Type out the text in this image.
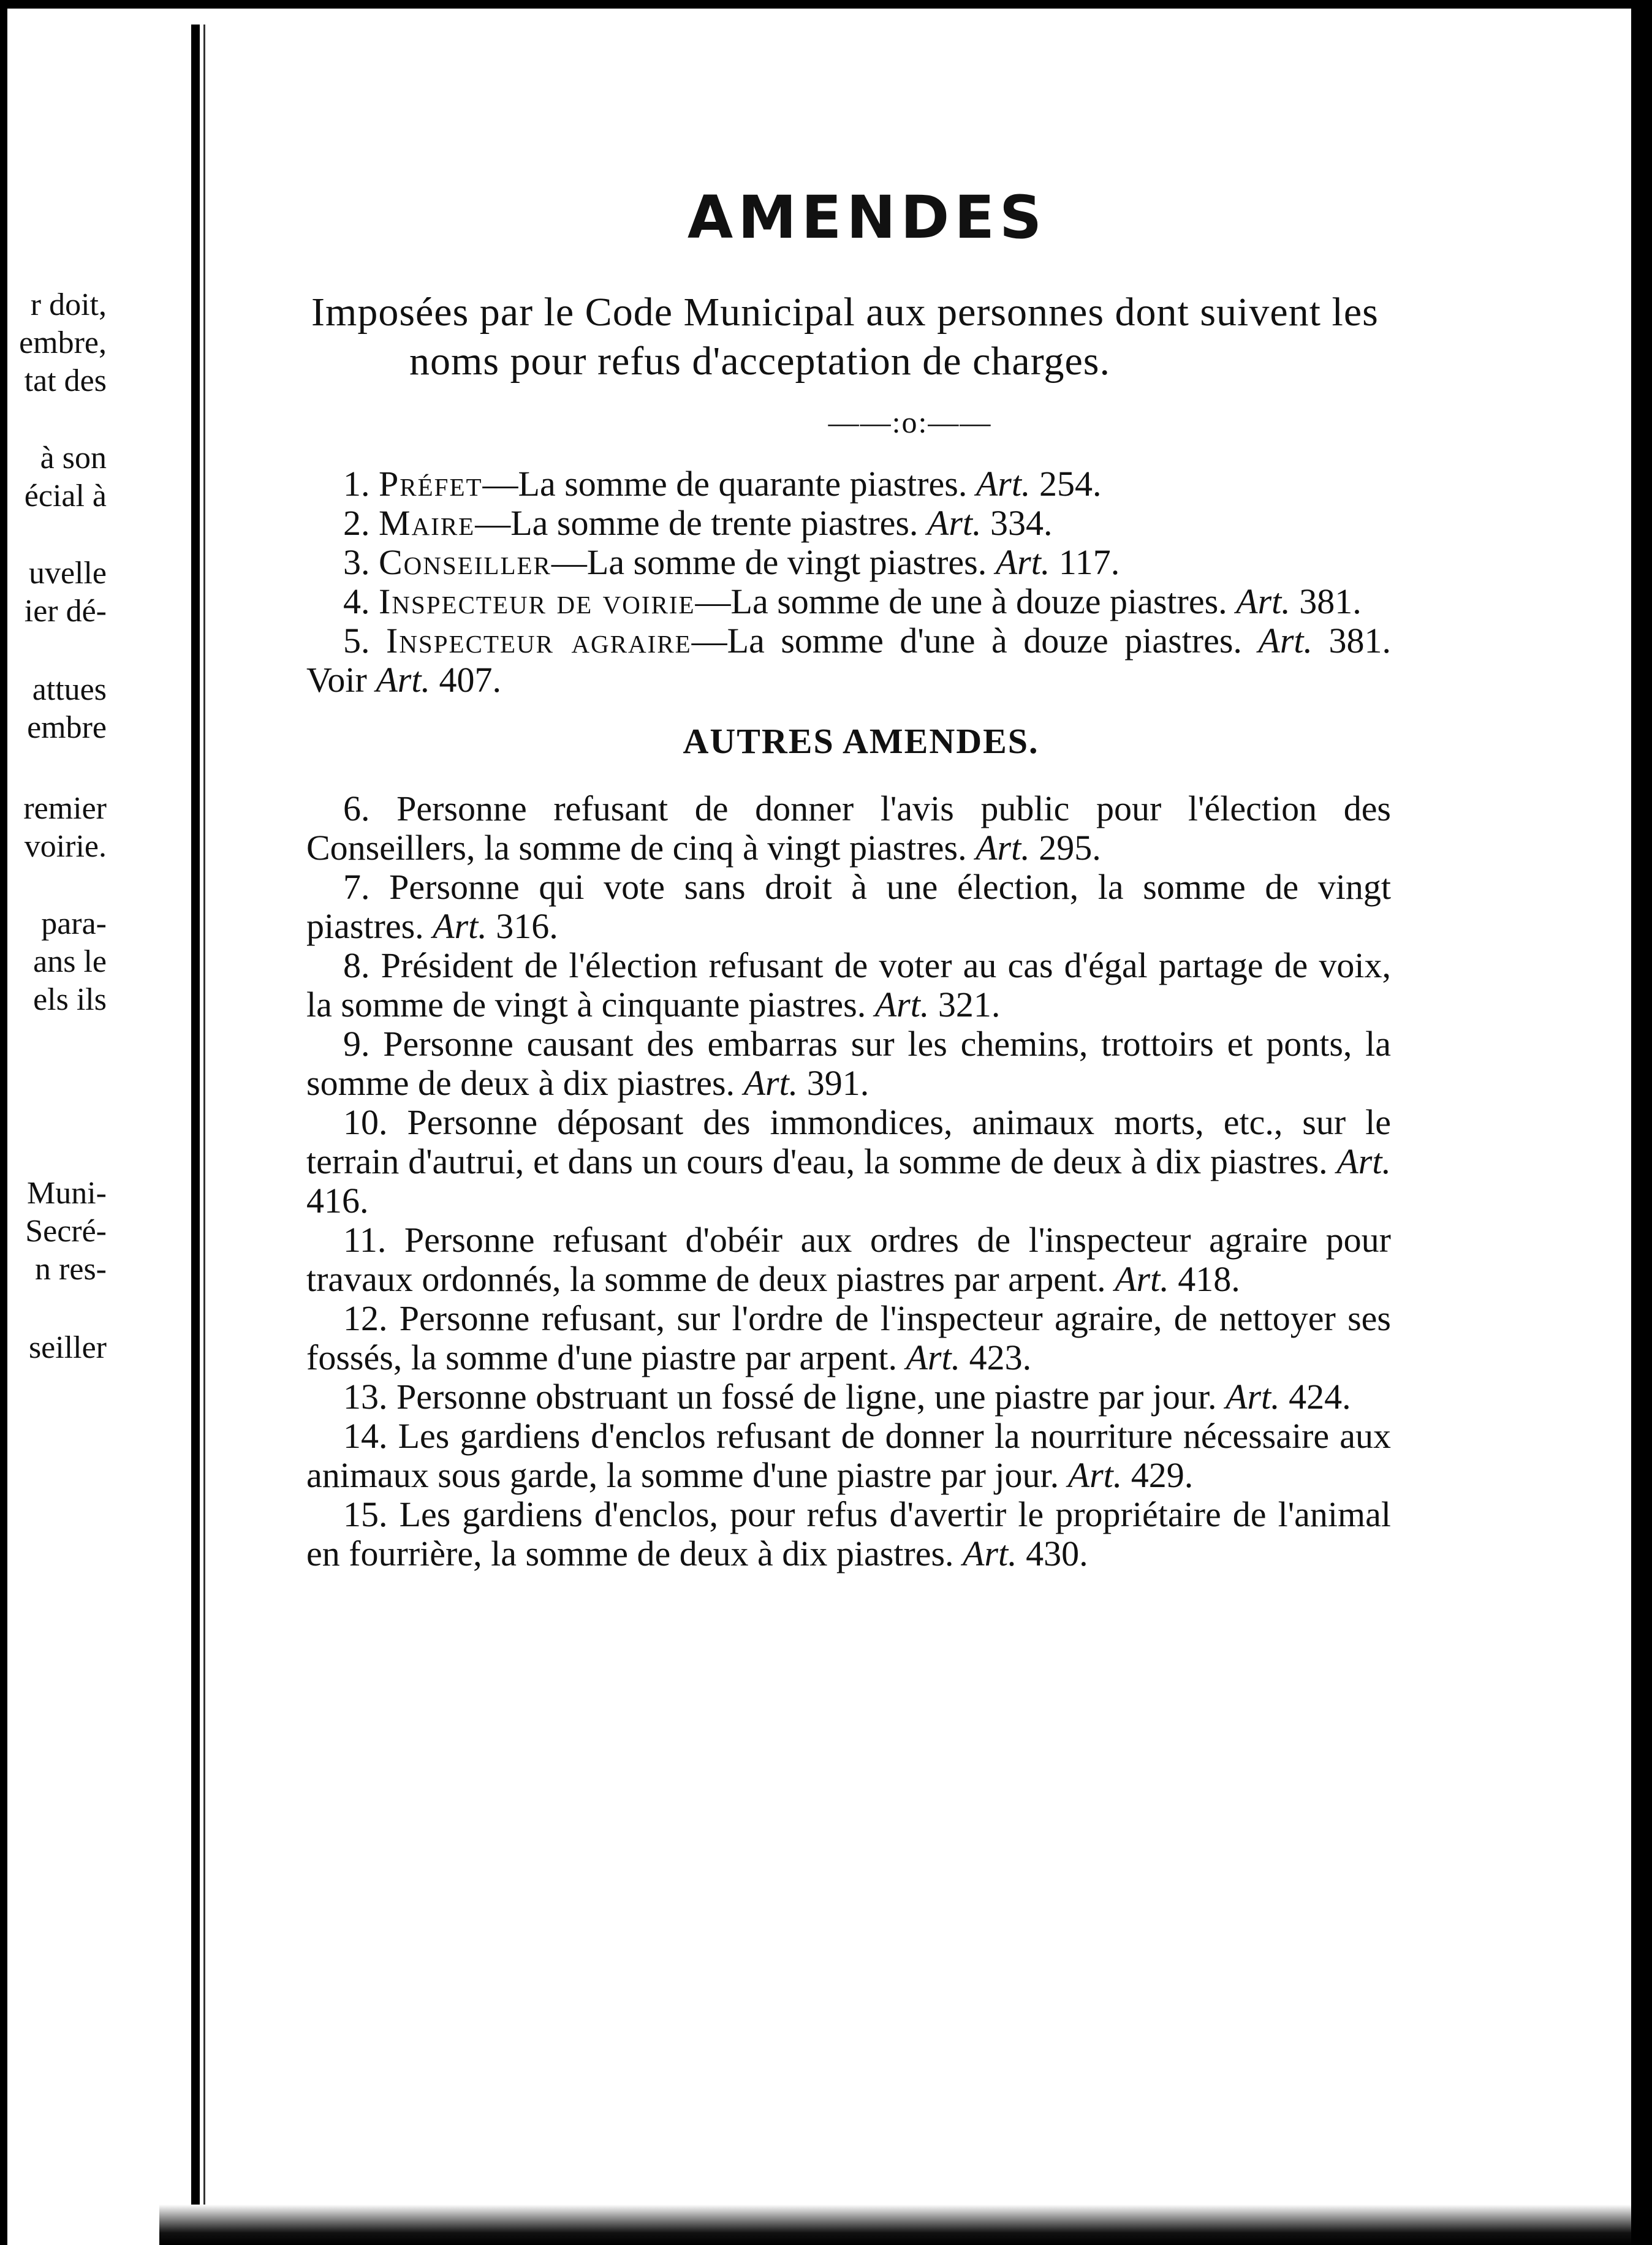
r doit,
embre,
tat des
à son
écial à
uvelle
ier dé-
attues
embre
remier
voirie.
para-
ans le
els ils
Muni-
Secré-
n res-
seiller
AMENDES

Imposées par le Code Municipal aux personnes dont suivent les noms pour refus d'acceptation de charges.

——:o:——

1. Préfet—La somme de quarante piastres. Art. 254.

2. Maire—La somme de trente piastres. Art. 334.

3. Conseiller—La somme de vingt piastres. Art. 117.

4. Inspecteur de voirie—La somme de une à douze piastres. Art. 381.

5. Inspecteur agraire—La somme d'une à douze piastres. Art. 381. Voir Art. 407.

AUTRES AMENDES.

6. Personne refusant de donner l'avis public pour l'élection des Conseillers, la somme de cinq à vingt piastres. Art. 295.

7. Personne qui vote sans droit à une élection, la somme de vingt piastres. Art. 316.

8. Président de l'élection refusant de voter au cas d'égal partage de voix, la somme de vingt à cinquante piastres. Art. 321.

9. Personne causant des embarras sur les chemins, trottoirs et ponts, la somme de deux à dix piastres. Art. 391.

10. Personne déposant des immondices, animaux morts, etc., sur le terrain d'autrui, et dans un cours d'eau, la somme de deux à dix piastres. Art. 416.

11. Personne refusant d'obéir aux ordres de l'inspecteur agraire pour travaux ordonnés, la somme de deux piastres par arpent. Art. 418.

12. Personne refusant, sur l'ordre de l'inspecteur agraire, de nettoyer ses fossés, la somme d'une piastre par arpent. Art. 423.

13. Personne obstruant un fossé de ligne, une piastre par jour. Art. 424.

14. Les gardiens d'enclos refusant de donner la nourriture nécessaire aux animaux sous garde, la somme d'une piastre par jour. Art. 429.

15. Les gardiens d'enclos, pour refus d'avertir le propriétaire de l'animal en fourrière, la somme de deux à dix piastres. Art. 430.
